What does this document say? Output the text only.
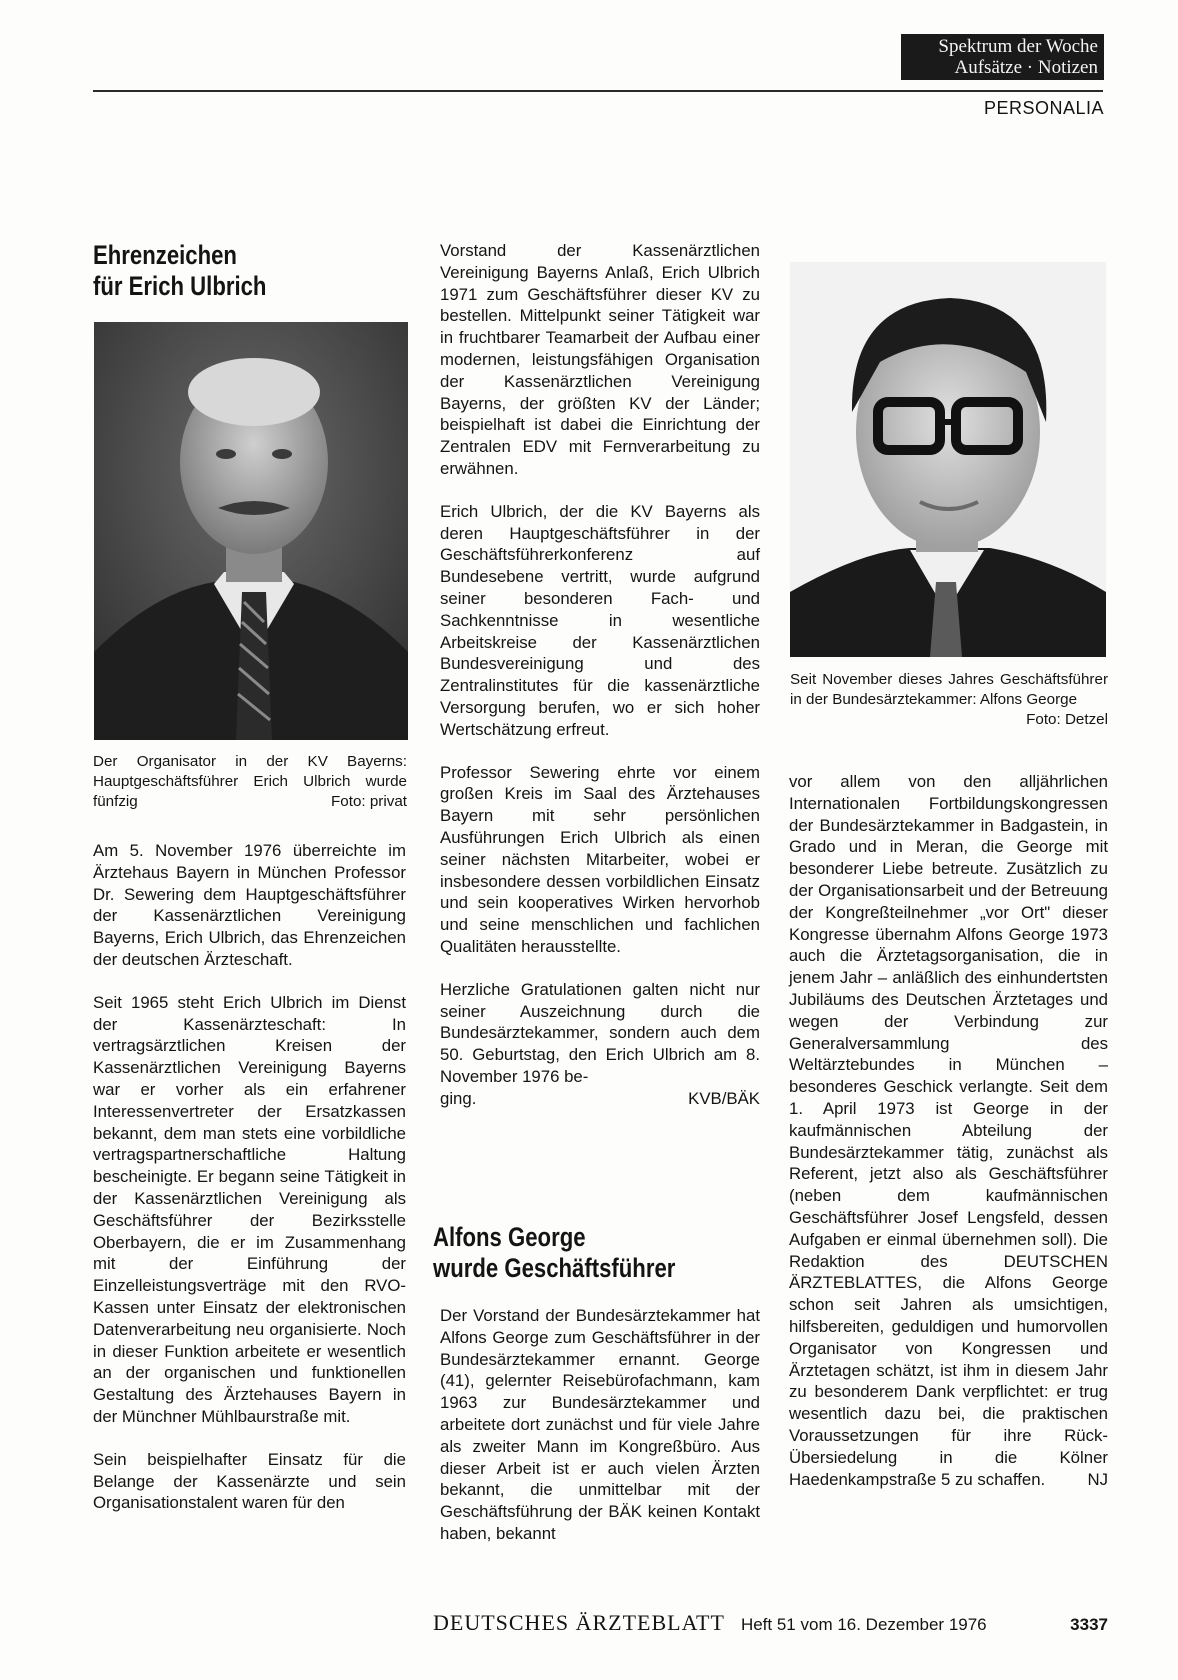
Spektrum der Woche
Aufsätze · Notizen
PERSONALIA
Ehrenzeichen
für Erich Ulbrich
Der Organisator in der KV Bayerns: Hauptgeschäftsführer Erich Ulbrich wurde fünfzig	Foto: privat

Am 5. November 1976 überreichte im Ärztehaus Bayern in München Professor Dr. Sewering dem Hauptgeschäftsführer der Kassenärztlichen Vereinigung Bayerns, Erich Ulbrich, das Ehrenzeichen der deutschen Ärzteschaft.

Seit 1965 steht Erich Ulbrich im Dienst der Kassenärzteschaft: In vertragsärztlichen Kreisen der Kassenärztlichen Vereinigung Bayerns war er vorher als ein erfahrener Interessenvertreter der Ersatzkassen bekannt, dem man stets eine vorbildliche vertragspartnerschaftliche Haltung bescheinigte. Er begann seine Tätigkeit in der Kassenärztlichen Vereinigung als Geschäftsführer der Bezirksstelle Oberbayern, die er im Zusammenhang mit der Einführung der Einzelleistungsverträge mit den RVO-Kassen unter Einsatz der elektronischen Datenverarbeitung neu organisierte. Noch in dieser Funktion arbeitete er wesentlich an der organischen und funktionellen Gestaltung des Ärztehauses Bayern in der Münchner Mühlbaurstraße mit.

Sein beispielhafter Einsatz für die Belange der Kassenärzte und sein Organisationstalent waren für den

Vorstand der Kassenärztlichen Vereinigung Bayerns Anlaß, Erich Ulbrich 1971 zum Geschäftsführer dieser KV zu bestellen. Mittelpunkt seiner Tätigkeit war in fruchtbarer Teamarbeit der Aufbau einer modernen, leistungsfähigen Organisation der Kassenärztlichen Vereinigung Bayerns, der größten KV der Länder; beispielhaft ist dabei die Einrichtung der Zentralen EDV mit Fernverarbeitung zu erwähnen.

Erich Ulbrich, der die KV Bayerns als deren Hauptgeschäftsführer in der Geschäftsführerkonferenz auf Bundesebene vertritt, wurde aufgrund seiner besonderen Fach- und Sachkenntnisse in wesentliche Arbeitskreise der Kassenärztlichen Bundesvereinigung und des Zentralinstitutes für die kassenärztliche Versorgung berufen, wo er sich hoher Wertschätzung erfreut.

Professor Sewering ehrte vor einem großen Kreis im Saal des Ärztehauses Bayern mit sehr persönlichen Ausführungen Erich Ulbrich als einen seiner nächsten Mitarbeiter, wobei er insbesondere dessen vorbildlichen Einsatz und sein kooperatives Wirken hervorhob und seine menschlichen und fachlichen Qualitäten herausstellte.

Herzliche Gratulationen galten nicht nur seiner Auszeichnung durch die Bundesärztekammer, sondern auch dem 50. Geburtstag, den Erich Ulbrich am 8. November 1976 be-

ging.	KVB/BÄK
Alfons George
wurde Geschäftsführer

Der Vorstand der Bundesärztekammer hat Alfons George zum Geschäftsführer in der Bundesärztekammer ernannt. George (41), gelernter Reisebürofachmann, kam 1963 zur Bundesärztekammer und arbeitete dort zunächst und für viele Jahre als zweiter Mann im Kongreßbüro. Aus dieser Arbeit ist er auch vielen Ärzten bekannt, die unmittelbar mit der Geschäftsführung der BÄK keinen Kontakt haben, bekannt

Seit November dieses Jahres Geschäftsführer in der Bundesärztekammer: Alfons George
Foto: Detzel

vor allem von den alljährlichen Internationalen Fortbildungskongressen der Bundesärztekammer in Badgastein, in Grado und in Meran, die George mit besonderer Liebe betreute. Zusätzlich zu der Organisationsarbeit und der Betreuung der Kongreßteilnehmer „vor Ort" dieser Kongresse übernahm Alfons George 1973 auch die Ärztetagsorganisation, die in jenem Jahr – anläßlich des einhundertsten Jubiläums des Deutschen Ärztetages und wegen der Verbindung zur Generalversammlung des Weltärztebundes in München – besonderes Geschick verlangte. Seit dem 1. April 1973 ist George in der kaufmännischen Abteilung der Bundesärztekammer tätig, zunächst als Referent, jetzt also als Geschäftsführer (neben dem kaufmännischen Geschäftsführer Josef Lengsfeld, dessen Aufgaben er einmal übernehmen soll). Die Redaktion des DEUTSCHEN ÄRZTEBLATTES, die Alfons George schon seit Jahren als umsichtigen, hilfsbereiten, geduldigen und humorvollen Organisator von Kongressen und Ärztetagen schätzt, ist ihm in diesem Jahr zu besonderem Dank verpflichtet: er trug wesentlich dazu bei, die praktischen Voraussetzungen für ihre Rück-Übersiedelung in die Kölner Haedenkampstraße 5 zu schaffen.	NJ

DEUTSCHES ÄRZTEBLATT Heft 51 vom 16. Dezember 1976	3337
